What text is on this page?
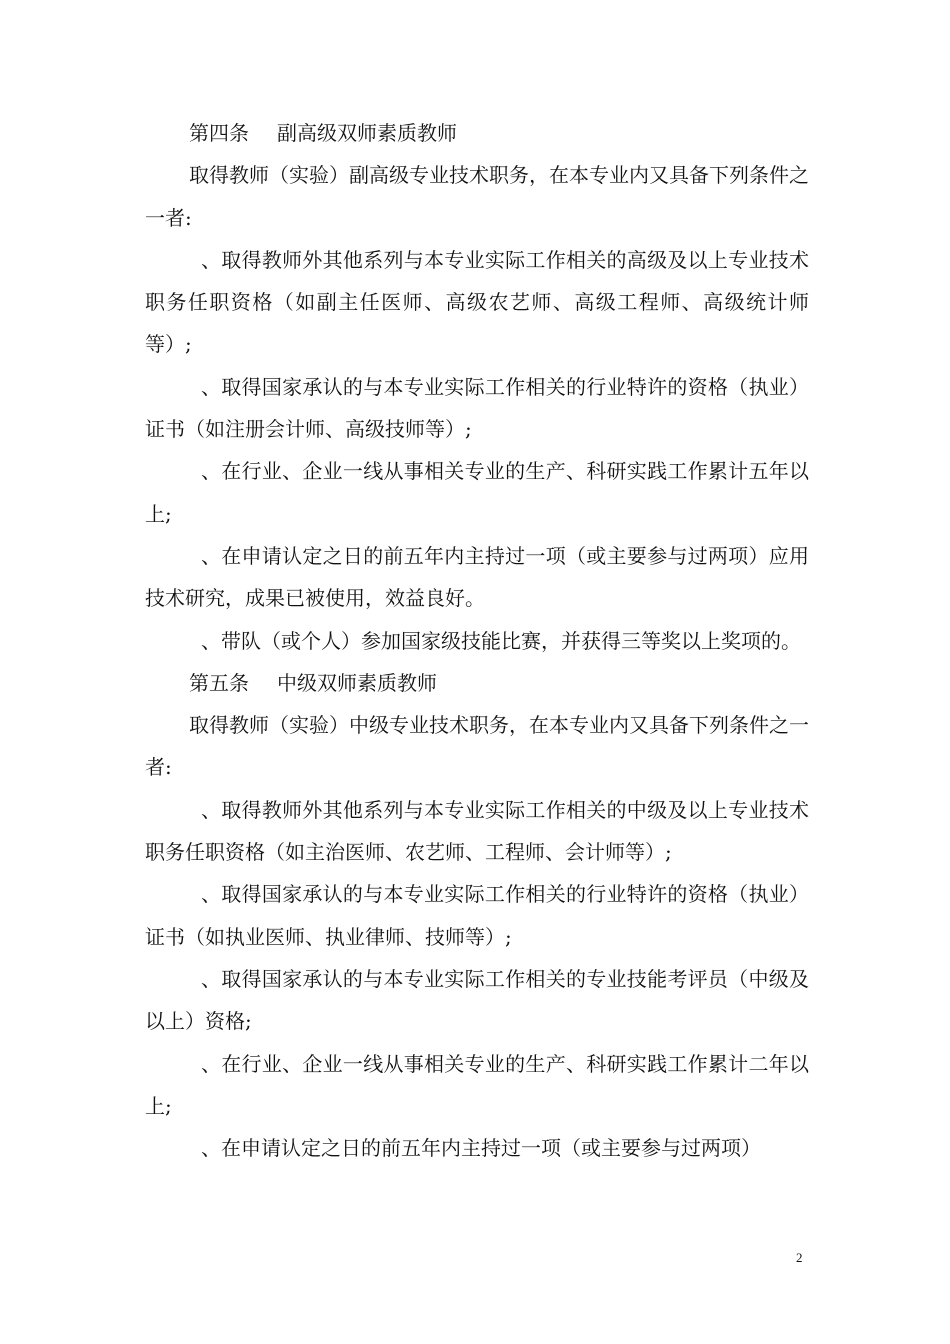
第四条 副高级双师素质教师

取得教师（实验）副高级专业技术职务，在本专业内又具备下列条件之一者:

、取得教师外其他系列与本专业实际工作相关的高级及以上专业技术职务任职资格（如副主任医师、高级农艺师、高级工程师、高级统计师等）;

、取得国家承认的与本专业实际工作相关的行业特许的资格（执业）证书（如注册会计师、高级技师等）;

、在行业、企业一线从事相关专业的生产、科研实践工作累计五年以上;

、在申请认定之日的前五年内主持过一项（或主要参与过两项）应用技术研究，成果已被使用，效益良好。

、带队（或个人）参加国家级技能比赛，并获得三等奖以上奖项的。

第五条 中级双师素质教师

取得教师（实验）中级专业技术职务，在本专业内又具备下列条件之一者:

、取得教师外其他系列与本专业实际工作相关的中级及以上专业技术职务任职资格（如主治医师、农艺师、工程师、会计师等）;

、取得国家承认的与本专业实际工作相关的行业特许的资格（执业）证书（如执业医师、执业律师、技师等）;

、取得国家承认的与本专业实际工作相关的专业技能考评员（中级及以上）资格;

、在行业、企业一线从事相关专业的生产、科研实践工作累计二年以上;

、在申请认定之日的前五年内主持过一项（或主要参与过两项）

2
